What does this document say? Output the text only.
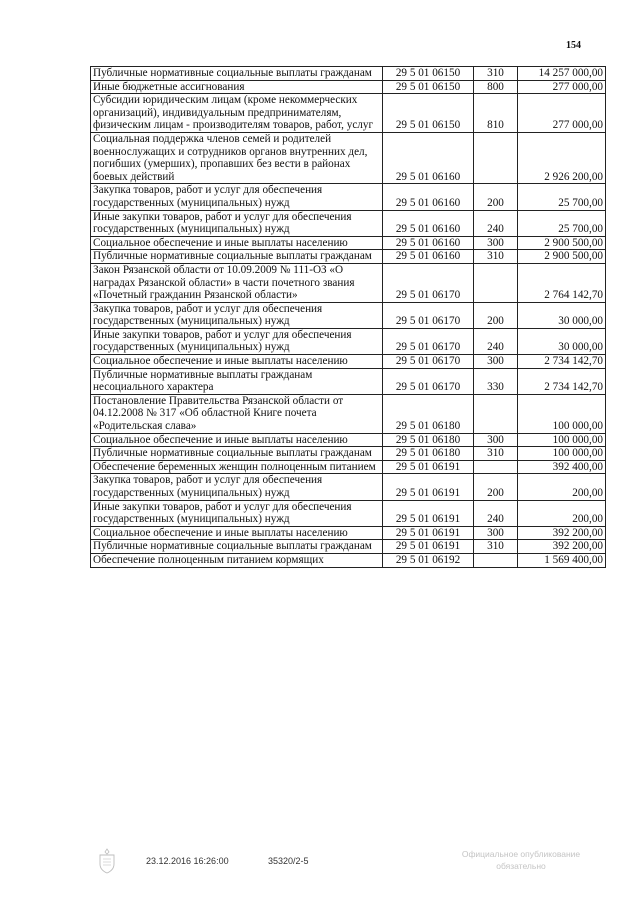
154
Публичные нормативные социальные выплаты гражданам	29 5 01 06150	310	14 257 000,00
Иные бюджетные ассигнования	29 5 01 06150	800	277 000,00
Субсидии юридическим лицам (кроме некоммерческих организаций), индивидуальным предпринимателям, физическим лицам - производителям товаров, работ, услуг	29 5 01 06150	810	277 000,00
Социальная поддержка членов семей и родителей военнослужащих и сотрудников органов внутренних дел, погибших (умерших), пропавших без вести в районах боевых действий	29 5 01 06160		2 926 200,00
Закупка товаров, работ и услуг для обеспечения государственных (муниципальных) нужд	29 5 01 06160	200	25 700,00
Иные закупки товаров, работ и услуг для обеспечения государственных (муниципальных) нужд	29 5 01 06160	240	25 700,00
Социальное обеспечение и иные выплаты населению	29 5 01 06160	300	2 900 500,00
Публичные нормативные социальные выплаты гражданам	29 5 01 06160	310	2 900 500,00
Закон Рязанской области от 10.09.2009 № 111-ОЗ «О наградах Рязанской области» в части почетного звания «Почетный гражданин Рязанской области»	29 5 01 06170		2 764 142,70
Закупка товаров, работ и услуг для обеспечения государственных (муниципальных) нужд	29 5 01 06170	200	30 000,00
Иные закупки товаров, работ и услуг для обеспечения государственных (муниципальных) нужд	29 5 01 06170	240	30 000,00
Социальное обеспечение и иные выплаты населению	29 5 01 06170	300	2 734 142,70
Публичные нормативные выплаты гражданам несоциального характера	29 5 01 06170	330	2 734 142,70
Постановление Правительства Рязанской области от 04.12.2008 № 317 «Об областной Книге почета «Родительская слава»	29 5 01 06180		100 000,00
Социальное обеспечение и иные выплаты населению	29 5 01 06180	300	100 000,00
Публичные нормативные социальные выплаты гражданам	29 5 01 06180	310	100 000,00
Обеспечение беременных женщин полноценным питанием	29 5 01 06191		392 400,00
Закупка товаров, работ и услуг для обеспечения государственных (муниципальных) нужд	29 5 01 06191	200	200,00
Иные закупки товаров, работ и услуг для обеспечения государственных (муниципальных) нужд	29 5 01 06191	240	200,00
Социальное обеспечение и иные выплаты населению	29 5 01 06191	300	392 200,00
Публичные нормативные социальные выплаты гражданам	29 5 01 06191	310	392 200,00
Обеспечение полноценным питанием кормящих	29 5 01 06192		1 569 400,00
23.12.2016 16:26:00	35320/2-5
Официальное опубликование обязательно
